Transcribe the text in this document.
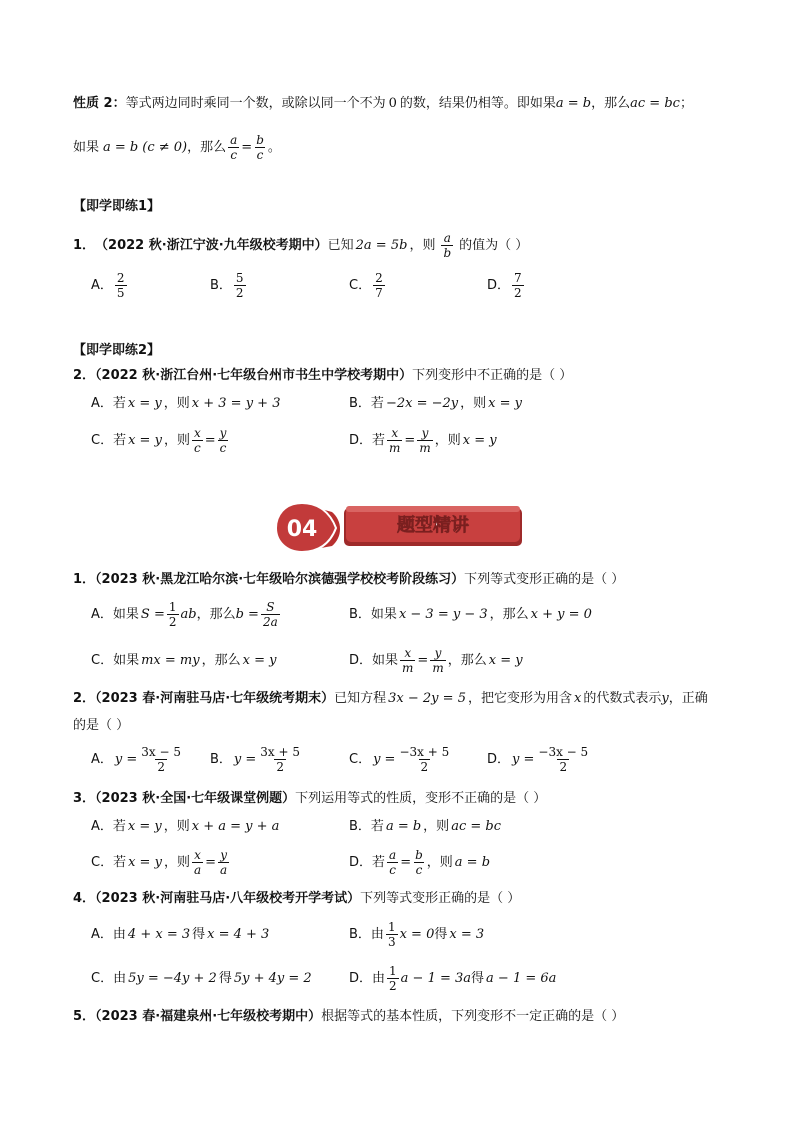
性质 2：等式两边同时乘同一个数，或除以同一个不为 0 的数，结果仍相等。即如果a = b，那么ac = bc；
如果 a = b (c ≠ 0) ，那么 $\frac{a}{c} = \frac{b}{c}$ 。
【即学即练1】
1． （2022 秋·浙江宁波·九年级校考期中） 已知 2a = 5b ，则 $\frac{a}{b}$ 的值为（ ）
A． $\frac{2}{5}$	B． $\frac{5}{2}$	C． $\frac{2}{7}$	D． $\frac{7}{2}$
【即学即练2】
2．（2022 秋·浙江台州·七年级台州市书生中学校考期中）下列变形中不正确的是（ ）
A． 若 x = y ，则 x + 3 = y + 3	B． 若 −2x = −2y ，则 x = y
C． 若 x = y ，则 $\frac{x}{c} = \frac{y}{c}$	D． 若 $\frac{x}{m} = \frac{y}{m}$ ，则 x = y
04	题型精讲
1．（2023 秋·黑龙江哈尔滨·七年级哈尔滨德强学校校考阶段练习）下列等式变形正确的是（ ）
A． 如果 $S = \frac{1}{2}$ ab ，那么 $b = \frac{S}{2a}$	B． 如果 x − 3 = y − 3 ，那么 x + y = 0
C． 如果 mx = my ，那么 x = y	D． 如果 $\frac{x}{m} = \frac{y}{m}$ ，那么 x = y
2．（2023 春·河南驻马店·七年级统考期末）已知方程 3x − 2y = 5 ，把它变形为用含 x 的代数式表示y，正确
的是（ ）
A． $y = \frac{3x - 5}{2}$ B． $y = \frac{3x + 5}{2}$	C． $y = \frac{-3x + 5}{2}$	D． $y = \frac{-3x - 5}{2}$
3．（2023 秋·全国·七年级课堂例题）下列运用等式的性质，变形不正确的是（ ）
A． 若 x = y ，则 x + a = y + a	B． 若 a = b ，则 ac = bc
C． 若 x = y ，则 $\frac{x}{a} = \frac{y}{a}$	D． 若 $\frac{a}{c} = \frac{b}{c}$ ，则 a = b
4．（2023 秋·河南驻马店·八年级校考开学考试）下列等式变形正确的是（ ）
A． 由 4 + x = 3 得 x = 4 + 3	B． 由 $\frac{1}{3}$ x = 0 得 x = 3
C． 由 5y = −4y + 2 得 5y + 4y = 2	D． 由 $\frac{1}{2}$ a − 1 = 3a 得 a − 1 = 6a
5．（2023 春·福建泉州·七年级校考期中）根据等式的基本性质，下列变形不一定正确的是（ ）
